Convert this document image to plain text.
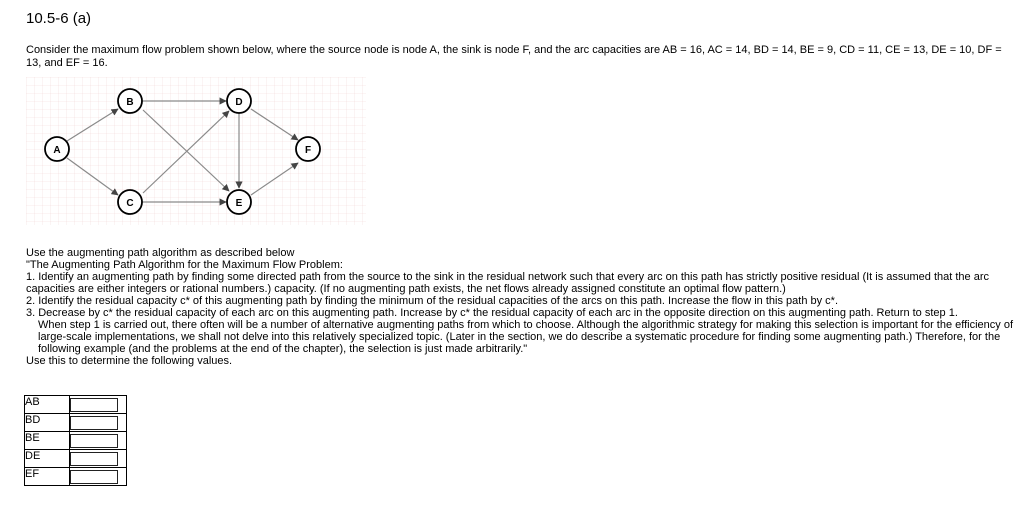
10.5-6 (a)
Consider the maximum flow problem shown below, where the source node is node A, the sink is node F, and the arc capacities are AB = 16, AC = 14, BD = 14, BE = 9, CD = 11, CE = 13, DE = 10, DF = 13, and EF = 16.
A
B
C
D
E
F

Use the augmenting path algorithm as described below

"The Augmenting Path Algorithm for the Maximum Flow Problem:

1. Identify an augmenting path by finding some directed path from the source to the sink in the residual network such that every arc on this path has strictly positive residual (It is assumed that the arc capacities are either integers or rational numbers.) capacity. (If no augmenting path exists, the net flows already assigned constitute an optimal flow pattern.)

2. Identify the residual capacity c* of this augmenting path by finding the minimum of the residual capacities of the arcs on this path. Increase the flow in this path by c*.

3. Decrease by c* the residual capacity of each arc on this augmenting path. Increase by c* the residual capacity of each arc in the opposite direction on this augmenting path. Return to step 1.

When step 1 is carried out, there often will be a number of alternative augmenting paths from which to choose. Although the algorithmic strategy for making this selection is important for the efficiency of large-scale implementations, we shall not delve into this relatively specialized topic. (Later in the section, we do describe a systematic procedure for finding some augmenting path.) Therefore, for the following example (and the problems at the end of the chapter), the selection is just made arbitrarily."

Use this to determine the following values.

AB	

BD	

BE	

DE	

EF	
